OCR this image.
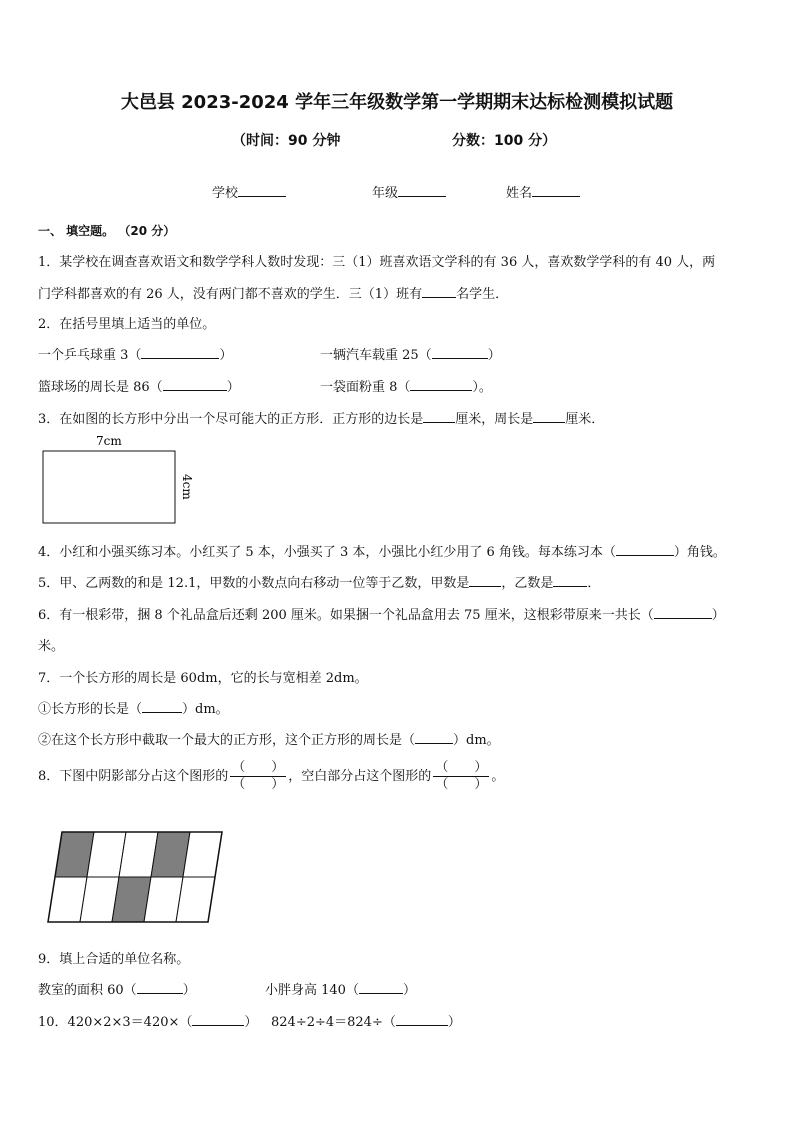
大邑县 2023-2024 学年三年级数学第一学期期末达标检测模拟试题
（时间：90 分钟	分数：100 分）
学校	年级	姓名
一、 填空题。 （20 分）
1．某学校在调查喜欢语文和数学学科人数时发现：三（1）班喜欢语文学科的有 36 人，喜欢数学学科的有 40 人，两
门学科都喜欢的有 26 人，没有两门都不喜欢的学生．三（1）班有	名学生．
2．在括号里填上适当的单位。
一个乒乓球重 3（	）	一辆汽车载重 25（	）
篮球场的周长是 86（	）	一袋面粉重 8（	）。
3．在如图的长方形中分出一个尽可能大的正方形．正方形的边长是 厘米，周长是 厘米．
7cm
4cm
4．小红和小强买练习本。小红买了 5 本，小强买了 3 本，小强比小红少用了 6 角钱。每本练习本（	）角钱。
5．甲、乙两数的和是 12.1，甲数的小数点向右移动一位等于乙数，甲数是 ，乙数是	．
6．有一根彩带，捆 8 个礼品盒后还剩 200 厘米。如果捆一个礼品盒用去 75 厘米，这根彩带原来一共长（	）
米。
7．一个长方形的周长是 60dm，它的长与宽相差 2dm。
①长方形的长是（	）dm。
②在这个长方形中截取一个最大的正方形，这个正方形的周长是（	）dm。
8．下图中阴影部分占这个图形的 $\frac{( )}{( )}$ ，空白部分占这个图形的 $\frac{( )}{( )}$ 。
9．填上合适的单位名称。
教室的面积 60（	）	小胖身高 140（	）
10．420×2×3＝420×（	） 824÷2÷4＝824÷（	）
